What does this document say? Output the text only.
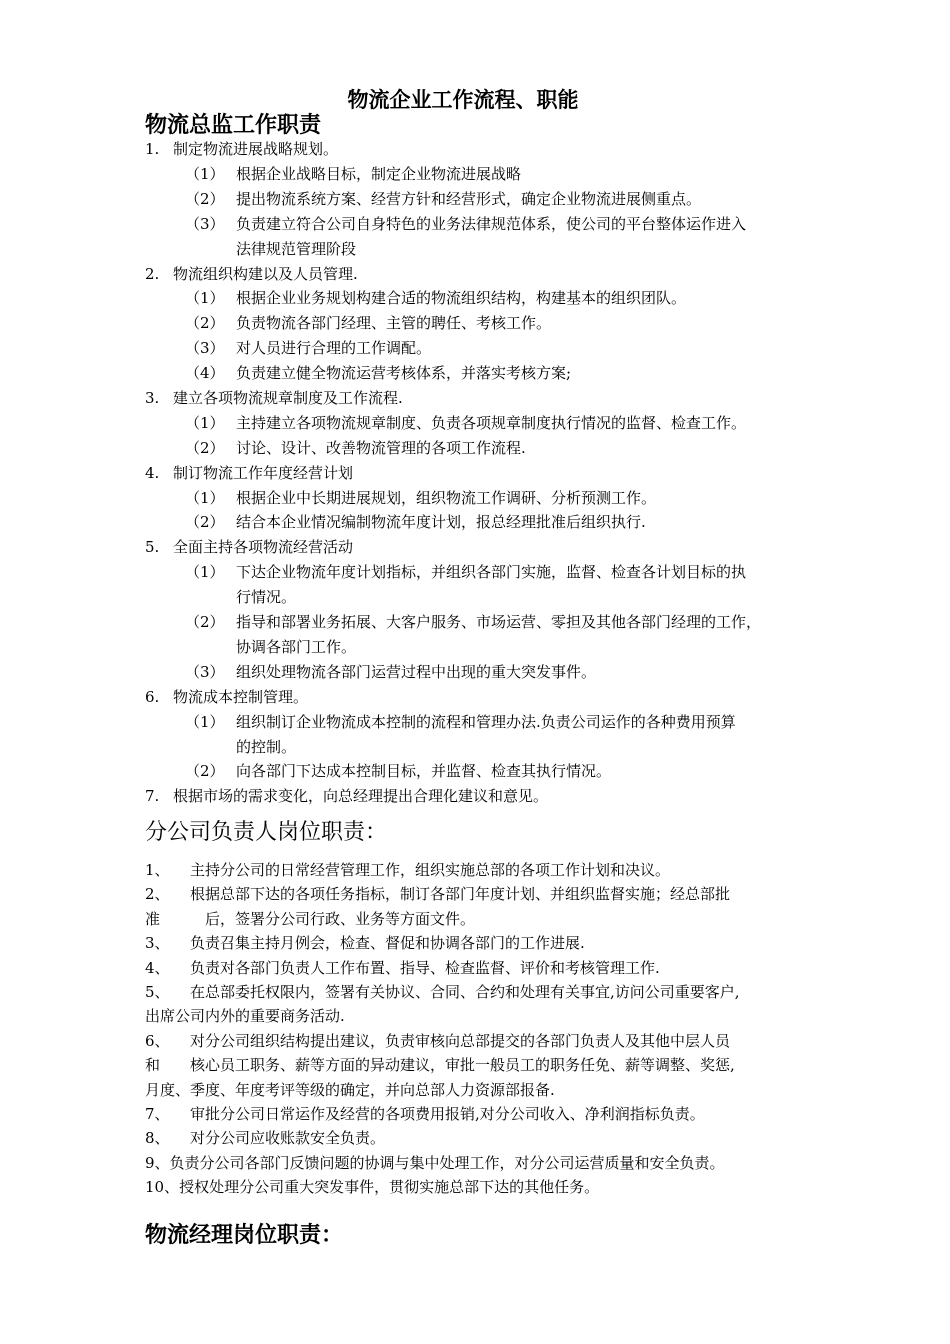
物流企业工作流程、职能
物流总监工作职责
1. 制定物流进展战略规划。
（1） 根据企业战略目标，制定企业物流进展战略
（2） 提出物流系统方案、经营方针和经营形式，确定企业物流进展侧重点。
（3） 负责建立符合公司自身特色的业务法律规范体系，使公司的平台整体运作进入
法律规范管理阶段
2. 物流组织构建以及人员管理.
（1） 根据企业业务规划构建合适的物流组织结构，构建基本的组织团队。
（2） 负责物流各部门经理、主管的聘任、考核工作。
（3） 对人员进行合理的工作调配。
（4） 负责建立健全物流运营考核体系，并落实考核方案;
3. 建立各项物流规章制度及工作流程.
（1） 主持建立各项物流规章制度、负责各项规章制度执行情况的监督、检查工作。
（2） 讨论、设计、改善物流管理的各项工作流程.
4. 制订物流工作年度经营计划
（1） 根据企业中长期进展规划，组织物流工作调研、分析预测工作。
（2） 结合本企业情况编制物流年度计划，报总经理批准后组织执行.
5. 全面主持各项物流经营活动
（1） 下达企业物流年度计划指标，并组织各部门实施，监督、检查各计划目标的执
行情况。
（2） 指导和部署业务拓展、大客户服务、市场运营、零担及其他各部门经理的工作，
协调各部门工作。
（3） 组织处理物流各部门运营过程中出现的重大突发事件。
6. 物流成本控制管理。
（1） 组织制订企业物流成本控制的流程和管理办法.负责公司运作的各种费用预算
的控制。
（2） 向各部门下达成本控制目标，并监督、检查其执行情况。
7. 根据市场的需求变化，向总经理提出合理化建议和意见。
分公司负责人岗位职责：
1、 主持分公司的日常经营管理工作，组织实施总部的各项工作计划和决议。
2、 根据总部下达的各项任务指标，制订各部门年度计划、并组织监督实施；经总部批
准　　　后，签署分公司行政、业务等方面文件。
3、 负责召集主持月例会，检查、督促和协调各部门的工作进展.
4、 负责对各部门负责人工作布置、指导、检查监督、评价和考核管理工作.
5、 在总部委托权限内，签署有关协议、合同、合约和处理有关事宜,访问公司重要客户,
出席公司内外的重要商务活动.
6、 对分公司组织结构提出建议，负责审核向总部提交的各部门负责人及其他中层人员
和　　核心员工职务、薪等方面的异动建议，审批一般员工的职务任免、薪等调整、奖惩,
月度、季度、年度考评等级的确定，并向总部人力资源部报备.
7、 审批分公司日常运作及经营的各项费用报销,对分公司收入、净利润指标负责。
8、 对分公司应收账款安全负责。
9、负责分公司各部门反馈问题的协调与集中处理工作，对分公司运营质量和安全负责。
10、授权处理分公司重大突发事件，贯彻实施总部下达的其他任务。
物流经理岗位职责：
